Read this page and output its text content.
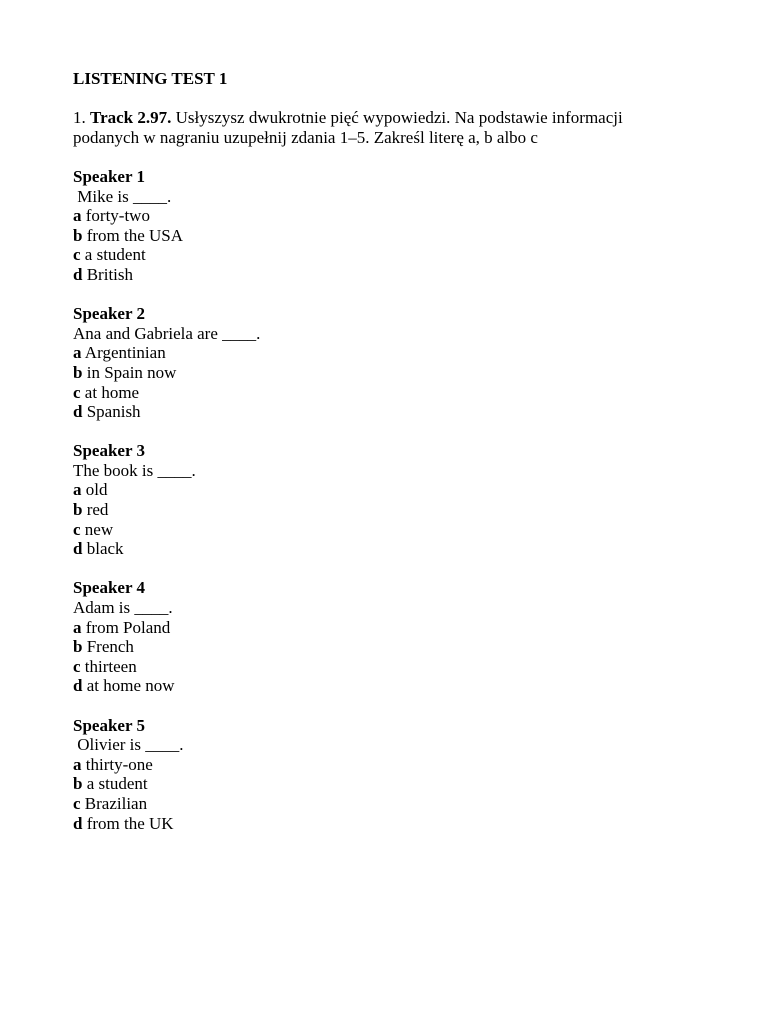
LISTENING TEST 1
1. Track 2.97. Usłyszysz dwukrotnie pięć wypowiedzi. Na podstawie informacji podanych w nagraniu uzupełnij zdania 1–5. Zakreśl literę a, b albo c
Speaker 1
Mike is ____.
a forty-two
b from the USA
c a student
d British
Speaker 2
Ana and Gabriela are ____.
a Argentinian
b in Spain now
c at home
d Spanish
Speaker 3
The book is ____.
a old
b red
c new
d black
Speaker 4
Adam is ____.
a from Poland
b French
c thirteen
d at home now
Speaker 5
Olivier is ____.
a thirty-one
b a student
c Brazilian
d from the UK
